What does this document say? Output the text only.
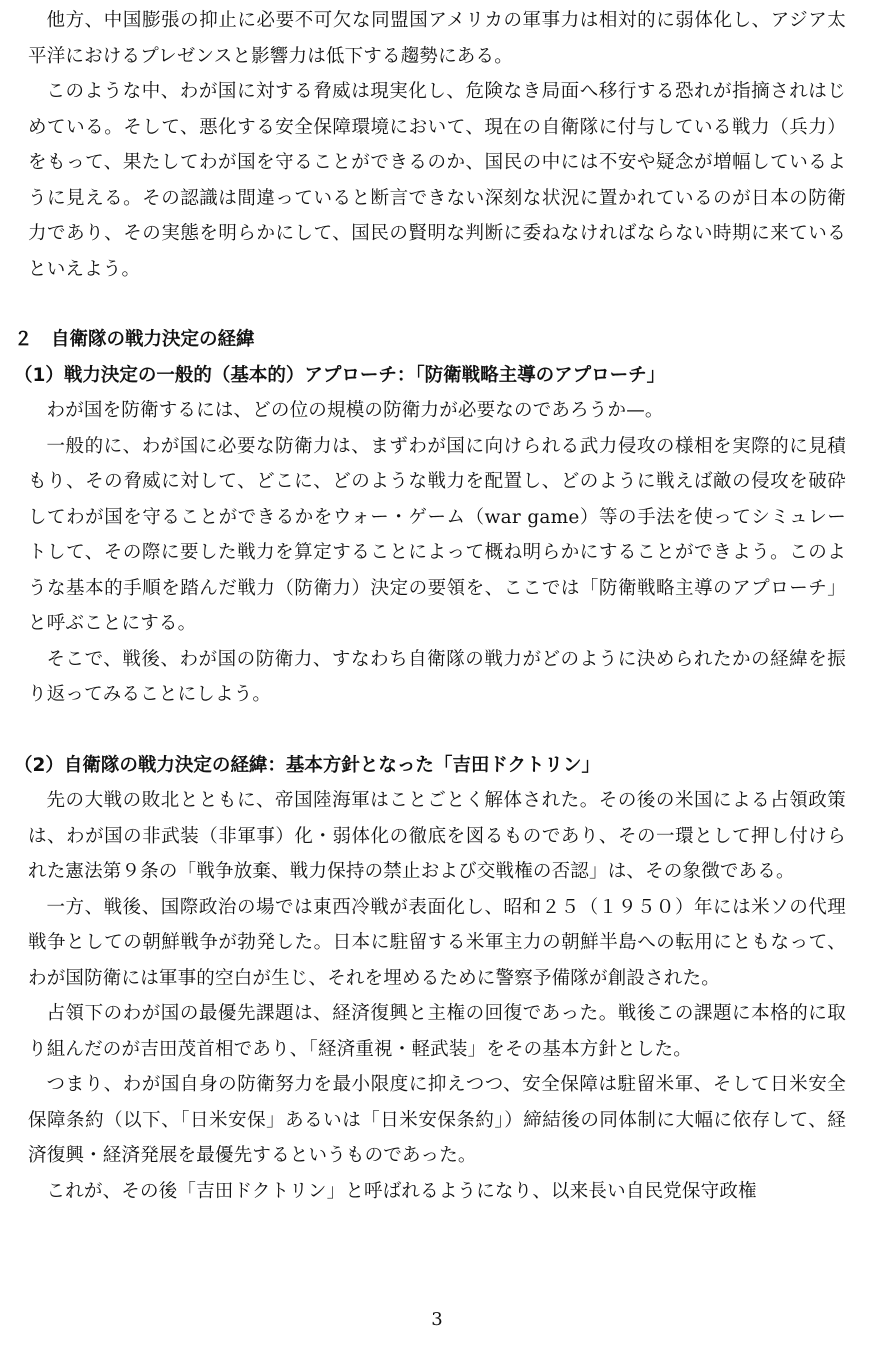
他方、中国膨張の抑止に必要不可欠な同盟国アメリカの軍事力は相対的に弱体化し、アジア太平洋におけるプレゼンスと影響力は低下する趨勢にある。

このような中、わが国に対する脅威は現実化し、危険なき局面へ移行する恐れが指摘されはじめている。そして、悪化する安全保障環境において、現在の自衛隊に付与している戦力（兵力）をもって、果たしてわが国を守ることができるのか、国民の中には不安や疑念が増幅しているように見える。その認識は間違っていると断言できない深刻な状況に置かれているのが日本の防衛力であり、その実態を明らかにして、国民の賢明な判断に委ねなければならない時期に来ているといえよう。

２　自衛隊の戦力決定の経緯
（1）戦力決定の一般的（基本的）アプローチ：「防衛戦略主導のアプローチ」

わが国を防衛するには、どの位の規模の防衛力が必要なのであろうか—。

一般的に、わが国に必要な防衛力は、まずわが国に向けられる武力侵攻の様相を実際的に見積もり、その脅威に対して、どこに、どのような戦力を配置し、どのように戦えば敵の侵攻を破砕してわが国を守ることができるかをウォー・ゲーム（war game）等の手法を使ってシミュレートして、その際に要した戦力を算定することによって概ね明らかにすることができよう。このような基本的手順を踏んだ戦力（防衛力）決定の要領を、ここでは「防衛戦略主導のアプローチ」と呼ぶことにする。

そこで、戦後、わが国の防衛力、すなわち自衛隊の戦力がどのように決められたかの経緯を振り返ってみることにしよう。

（2）自衛隊の戦力決定の経緯：基本方針となった「吉田ドクトリン」

先の大戦の敗北とともに、帝国陸海軍はことごとく解体された。その後の米国による占領政策は、わが国の非武装（非軍事）化・弱体化の徹底を図るものであり、その一環として押し付けられた憲法第９条の「戦争放棄、戦力保持の禁止および交戦権の否認」は、その象徴である。

一方、戦後、国際政治の場では東西冷戦が表面化し、昭和２５（１９５０）年には米ソの代理戦争としての朝鮮戦争が勃発した。日本に駐留する米軍主力の朝鮮半島への転用にともなって、わが国防衛には軍事的空白が生じ、それを埋めるために警察予備隊が創設された。

占領下のわが国の最優先課題は、経済復興と主権の回復であった。戦後この課題に本格的に取り組んだのが吉田茂首相であり、「経済重視・軽武装」をその基本方針とした。

つまり、わが国自身の防衛努力を最小限度に抑えつつ、安全保障は駐留米軍、そして日米安全保障条約（以下、「日米安保」あるいは「日米安保条約」）締結後の同体制に大幅に依存して、経済復興・経済発展を最優先するというものであった。

これが、その後「吉田ドクトリン」と呼ばれるようになり、以来長い自民党保守政権

3
